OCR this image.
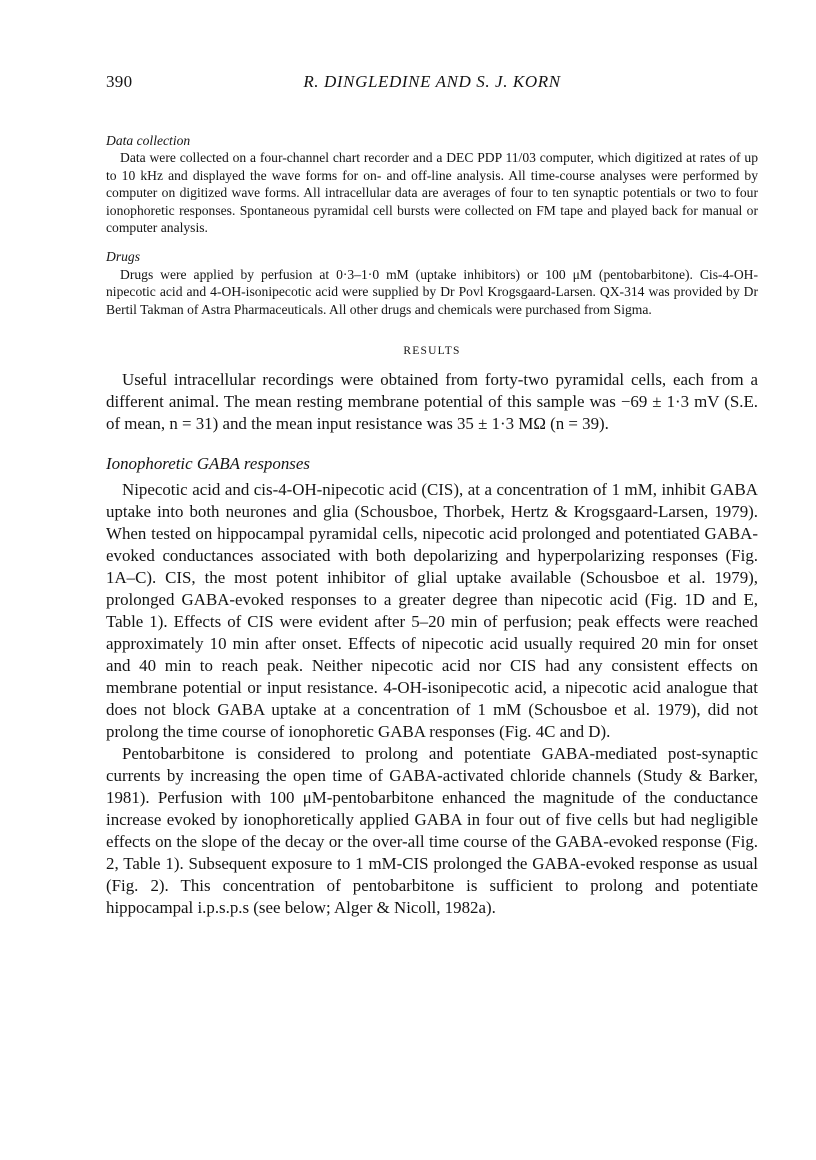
390	R. DINGLEDINE AND S. J. KORN

Data collection

Data were collected on a four-channel chart recorder and a DEC PDP 11/03 computer, which digitized at rates of up to 10 kHz and displayed the wave forms for on- and off-line analysis. All time-course analyses were performed by computer on digitized wave forms. All intracellular data are averages of four to ten synaptic potentials or two to four ionophoretic responses. Spontaneous pyramidal cell bursts were collected on FM tape and played back for manual or computer analysis.

Drugs

Drugs were applied by perfusion at 0·3–1·0 mM (uptake inhibitors) or 100 μM (pentobarbitone). Cis-4-OH-nipecotic acid and 4-OH-isonipecotic acid were supplied by Dr Povl Krogsgaard-Larsen. QX-314 was provided by Dr Bertil Takman of Astra Pharmaceuticals. All other drugs and chemicals were purchased from Sigma.

RESULTS

Useful intracellular recordings were obtained from forty-two pyramidal cells, each from a different animal. The mean resting membrane potential of this sample was −69 ± 1·3 mV (S.E. of mean, n = 31) and the mean input resistance was 35 ± 1·3 MΩ (n = 39).

Ionophoretic GABA responses

Nipecotic acid and cis-4-OH-nipecotic acid (CIS), at a concentration of 1 mM, inhibit GABA uptake into both neurones and glia (Schousboe, Thorbek, Hertz & Krogsgaard-Larsen, 1979). When tested on hippocampal pyramidal cells, nipecotic acid prolonged and potentiated GABA-evoked conductances associated with both depolarizing and hyperpolarizing responses (Fig. 1A–C). CIS, the most potent inhibitor of glial uptake available (Schousboe et al. 1979), prolonged GABA-evoked responses to a greater degree than nipecotic acid (Fig. 1D and E, Table 1). Effects of CIS were evident after 5–20 min of perfusion; peak effects were reached approximately 10 min after onset. Effects of nipecotic acid usually required 20 min for onset and 40 min to reach peak. Neither nipecotic acid nor CIS had any consistent effects on membrane potential or input resistance. 4-OH-isonipecotic acid, a nipecotic acid analogue that does not block GABA uptake at a concentration of 1 mM (Schousboe et al. 1979), did not prolong the time course of ionophoretic GABA responses (Fig. 4C and D).

Pentobarbitone is considered to prolong and potentiate GABA-mediated post-synaptic currents by increasing the open time of GABA-activated chloride channels (Study & Barker, 1981). Perfusion with 100 μM-pentobarbitone enhanced the magnitude of the conductance increase evoked by ionophoretically applied GABA in four out of five cells but had negligible effects on the slope of the decay or the over-all time course of the GABA-evoked response (Fig. 2, Table 1). Subsequent exposure to 1 mM-CIS prolonged the GABA-evoked response as usual (Fig. 2). This concentration of pentobarbitone is sufficient to prolong and potentiate hippocampal i.p.s.p.s (see below; Alger & Nicoll, 1982a).
